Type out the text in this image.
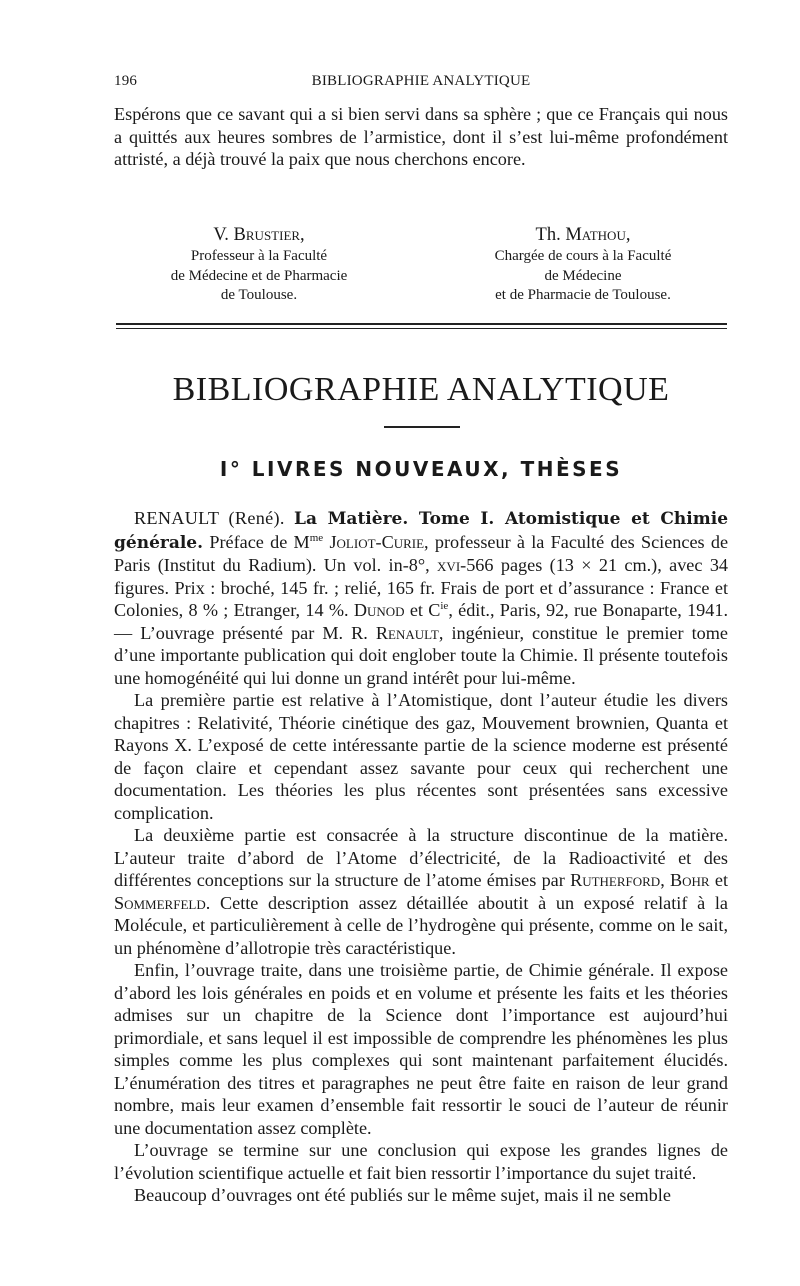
196	BIBLIOGRAPHIE ANALYTIQUE

Espérons que ce savant qui a si bien servi dans sa sphère ; que ce Français qui nous a quittés aux heures sombres de l’armistice, dont il s’est lui-même profondément attristé, a déjà trouvé la paix que nous cherchons encore.

V. Brustier,
Professeur à la Faculté
de Médecine et de Pharmacie
de Toulouse.
Th. Mathou,
Chargée de cours à la Faculté
de Médecine
et de Pharmacie de Toulouse.
BIBLIOGRAPHIE ANALYTIQUE
I° LIVRES NOUVEAUX, THÈSES

RENAULT (René). La Matière. Tome I. Atomistique et Chimie générale. Préface de $M^{me}$ Joliot-Curie, professeur à la Faculté des Sciences de Paris (Institut du Radium). Un vol. in-8°, xvi-566 pages (13 × 21 cm.), avec 34 figures. Prix : broché, 145 fr. ; relié, 165 fr. Frais de port et d’assurance : France et Colonies, 8 % ; Etranger, 14 %. Dunod et $C^{ie}$, édit., Paris, 92, rue Bonaparte, 1941. — L’ouvrage présenté par M. R. Renault, ingénieur, constitue le premier tome d’une importante publication qui doit englober toute la Chimie. Il présente toutefois une homogénéité qui lui donne un grand intérêt pour lui-même.

La première partie est relative à l’Atomistique, dont l’auteur étudie les divers chapitres : Relativité, Théorie cinétique des gaz, Mouvement brownien, Quanta et Rayons X. L’exposé de cette intéressante partie de la science moderne est présenté de façon claire et cependant assez savante pour ceux qui recherchent une documentation. Les théories les plus récentes sont présentées sans excessive complication.

La deuxième partie est consacrée à la structure discontinue de la matière. L’auteur traite d’abord de l’Atome d’électricité, de la Radioactivité et des différentes conceptions sur la structure de l’atome émises par Rutherford, Bohr et Sommerfeld. Cette description assez détaillée aboutit à un exposé relatif à la Molécule, et particulièrement à celle de l’hydrogène qui présente, comme on le sait, un phénomène d’allotropie très caractéristique.

Enfin, l’ouvrage traite, dans une troisième partie, de Chimie générale. Il expose d’abord les lois générales en poids et en volume et présente les faits et les théories admises sur un chapitre de la Science dont l’importance est aujourd’hui primordiale, et sans lequel il est impossible de comprendre les phénomènes les plus simples comme les plus complexes qui sont maintenant parfaitement élucidés. L’énumération des titres et paragraphes ne peut être faite en raison de leur grand nombre, mais leur examen d’ensemble fait ressortir le souci de l’auteur de réunir une documentation assez complète.

L’ouvrage se termine sur une conclusion qui expose les grandes lignes de l’évolution scientifique actuelle et fait bien ressortir l’importance du sujet traité.

Beaucoup d’ouvrages ont été publiés sur le même sujet, mais il ne semble
